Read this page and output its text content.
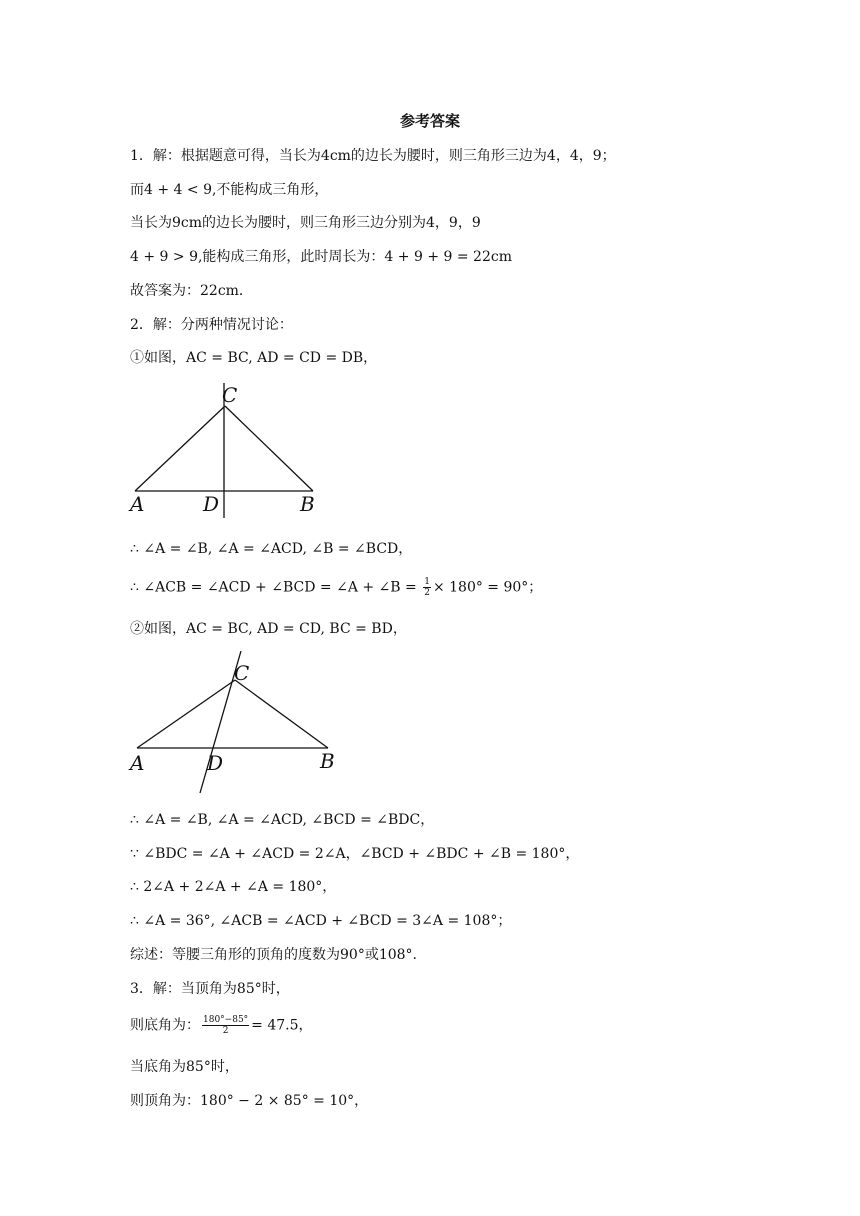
参考答案
1．解：根据题意可得，当长为4cm的边长为腰时，则三角形三边为4，4，9；
而4 + 4 < 9,不能构成三角形，
当长为9cm的边长为腰时，则三角形三边分别为4，9，9
4 + 9 > 9,能构成三角形，此时周长为：4 + 9 + 9 = 22cm
故答案为：22cm．
2．解：分两种情况讨论：
①如图，AC = BC, AD = CD = DB，
A	D	B
C
∴ ∠A = ∠B, ∠A = ∠ACD, ∠B = ∠BCD，
∴ ∠ACB = ∠ACD + ∠BCD = ∠A + ∠B = $\frac{1}{2} \times 180^\circ = 90^\circ$；
②如图，AC = BC, AD = CD, BC = BD，
A	D	B
C
∴ ∠A = ∠B, ∠A = ∠ACD, ∠BCD = ∠BDC，
∵ ∠BDC = ∠A + ∠ACD = 2∠A，∠BCD + ∠BDC + ∠B = 180°，
∴ 2∠A + 2∠A + ∠A = 180°，
∴ ∠A = 36°, ∠ACB = ∠ACD + ∠BCD = 3∠A = 108°；
综述：等腰三角形的顶角的度数为90°或108°.
3．解：当顶角为85°时，
则底角为： $\frac{180^\circ-85^\circ}{2} = 47.5$，
当底角为85°时，
则顶角为：180° − 2 × 85° = 10°，
